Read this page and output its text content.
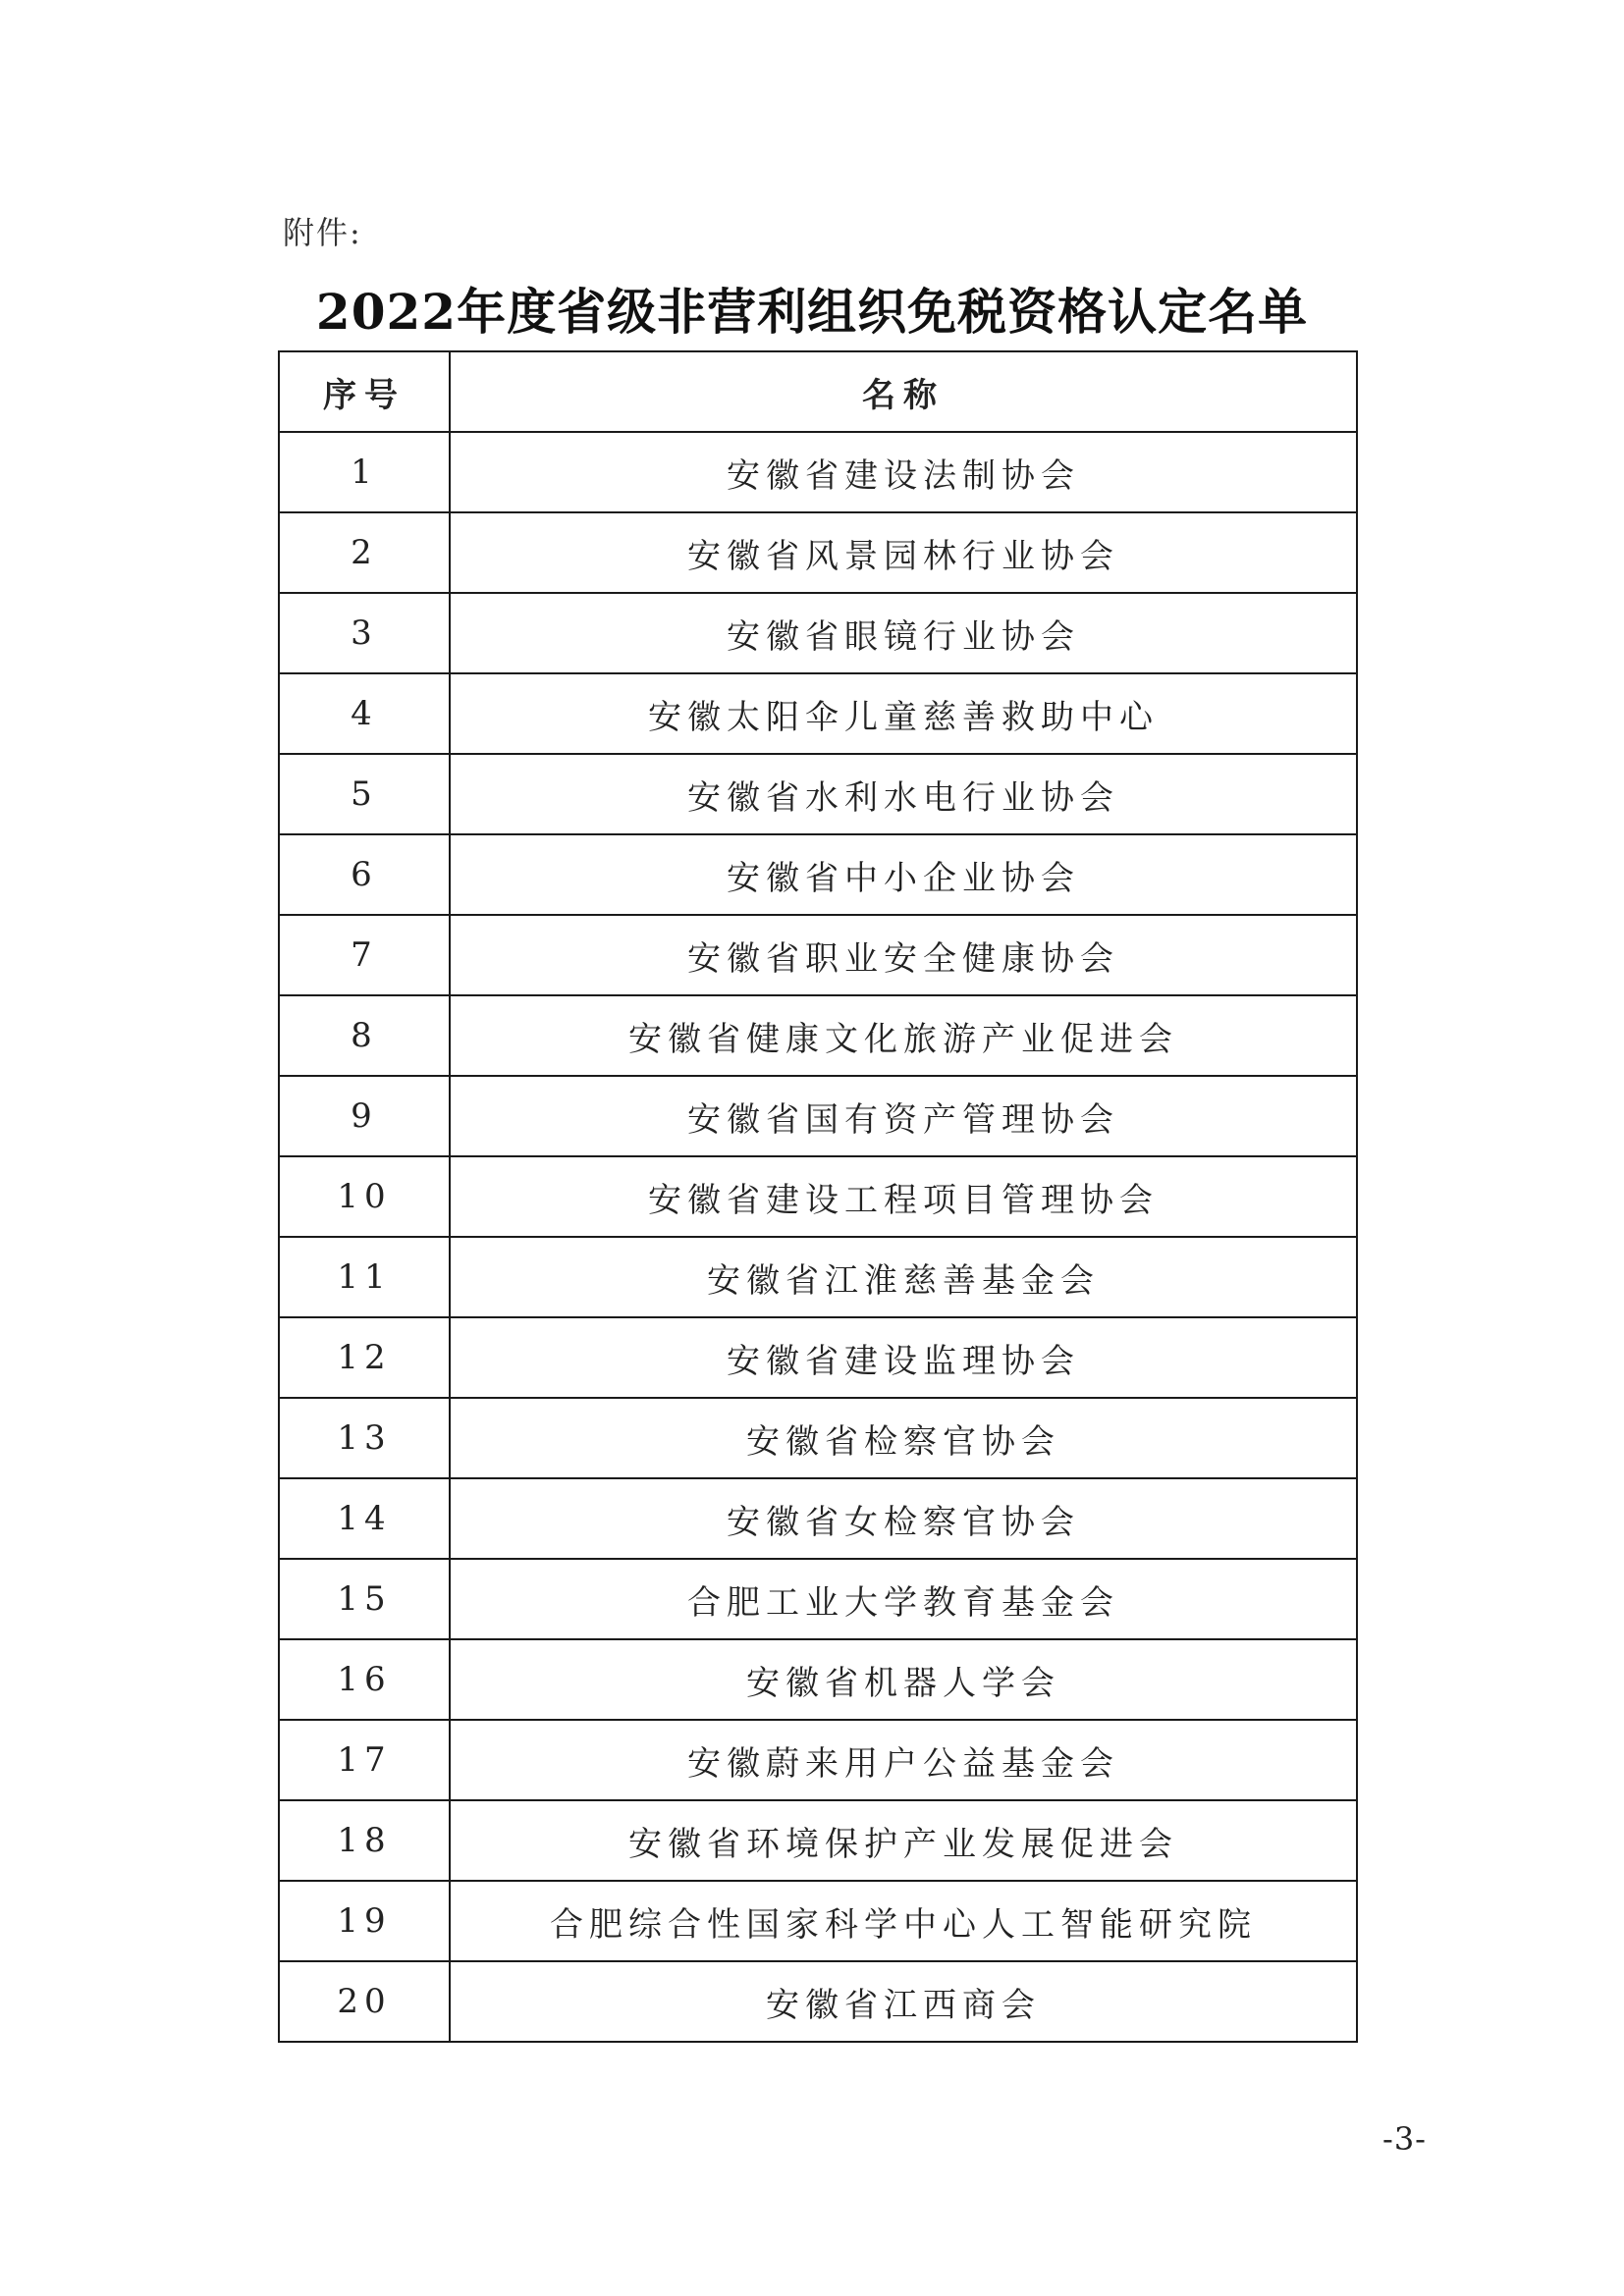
附件:
2022年度省级非营利组织免税资格认定名单
序号	名称
1	安徽省建设法制协会
2	安徽省风景园林行业协会
3	安徽省眼镜行业协会
4	安徽太阳伞儿童慈善救助中心
5	安徽省水利水电行业协会
6	安徽省中小企业协会
7	安徽省职业安全健康协会
8	安徽省健康文化旅游产业促进会
9	安徽省国有资产管理协会
10	安徽省建设工程项目管理协会
11	安徽省江淮慈善基金会
12	安徽省建设监理协会
13	安徽省检察官协会
14	安徽省女检察官协会
15	合肥工业大学教育基金会
16	安徽省机器人学会
17	安徽蔚来用户公益基金会
18	安徽省环境保护产业发展促进会
19	合肥综合性国家科学中心人工智能研究院
20	安徽省江西商会
-3-
